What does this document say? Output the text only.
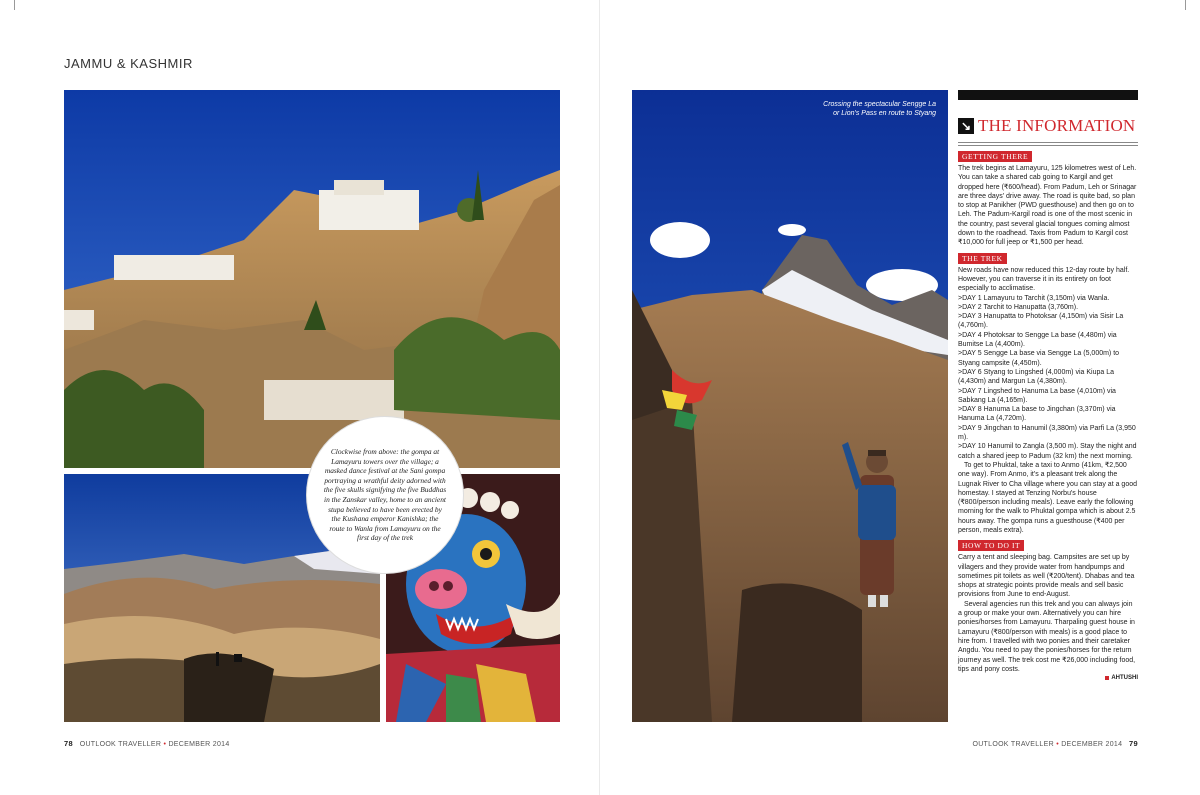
JAMMU & KASHMIR

Clockwise from above: the gompa at Lamayuru towers over the village; a masked dance festival at the Sani gompa portraying a wrathful deity adorned with the five skulls signifying the five Buddhas in the Zanskar valley, home to an ancient stupa believed to have been erected by the Kushana emperor Kanishka; the route to Wanla from Lamayuru on the first day of the trek

78 OUTLOOK TRAVELLER • DECEMBER 2014
Crossing the spectacular Sengge La or Lion's Pass en route to Styang
↘ THE INFORMATION
GETTING THERE

The trek begins at Lamayuru, 125 kilometres west of Leh. You can take a shared cab going to Kargil and get dropped here (₹600/head). From Padum, Leh or Srinagar are three days' drive away. The road is quite bad, so plan to stop at Panikher (PWD guesthouse) and then go on to Leh. The Padum-Kargil road is one of the most scenic in the country, past several glacial tongues coming almost down to the roadhead. Taxis from Padum to Kargil cost ₹10,000 for full jeep or ₹1,500 per head.

THE TREK

New roads have now reduced this 12-day route by half. However, you can traverse it in its entirety on foot especially to acclimatise.

>DAY 1 Lamayuru to Tarchit (3,150m) via Wanla.

>DAY 2 Tarchit to Hanupatta (3,760m).

>DAY 3 Hanupatta to Photoksar (4,150m) via Sisir La (4,760m).

>DAY 4 Photoksar to Sengge La base (4,480m) via Bumitse La (4,400m).

>DAY 5 Sengge La base via Sengge La (5,000m) to Styang campsite (4,450m).

>DAY 6 Styang to Lingshed (4,000m) via Kiupa La (4,430m) and Margun La (4,380m).

>DAY 7 Lingshed to Hanuma La base (4,010m) via Sabkang La (4,165m).

>DAY 8 Hanuma La base to Jingchan (3,370m) via Hanuma La (4,720m).

>DAY 9 Jingchan to Hanumil (3,380m) via Parfi La (3,950 m).

>DAY 10 Hanumil to Zangla (3,500 m). Stay the night and catch a shared jeep to Padum (32 km) the next morning.

To get to Phuktal, take a taxi to Anmo (41km, ₹2,500 one way). From Anmo, it's a pleasant trek along the Lugnak River to Cha village where you can stay at a good homestay. I stayed at Tenzing Norbu's house (₹800/person including meals). Leave early the following morning for the walk to Phuktal gompa which is about 2.5 hours away. The gompa runs a guesthouse (₹400 per person, meals extra).

HOW TO DO IT

Carry a tent and sleeping bag. Campsites are set up by villagers and they provide water from handpumps and sometimes pit toilets as well (₹200/tent). Dhabas and tea shops at strategic points provide meals and sell basic provisions from June to end-August.

Several agencies run this trek and you can always join a group or make your own. Alternatively you can hire ponies/horses from Lamayuru. Tharpaling guest house in Lamayuru (₹800/person with meals) is a good place to hire from. I travelled with two ponies and their caretaker Angdu. You need to pay the ponies/horses for the return journey as well. The trek cost me ₹26,000 including food, tips and pony costs.

AHTUSHI
OUTLOOK TRAVELLER • DECEMBER 2014 79
